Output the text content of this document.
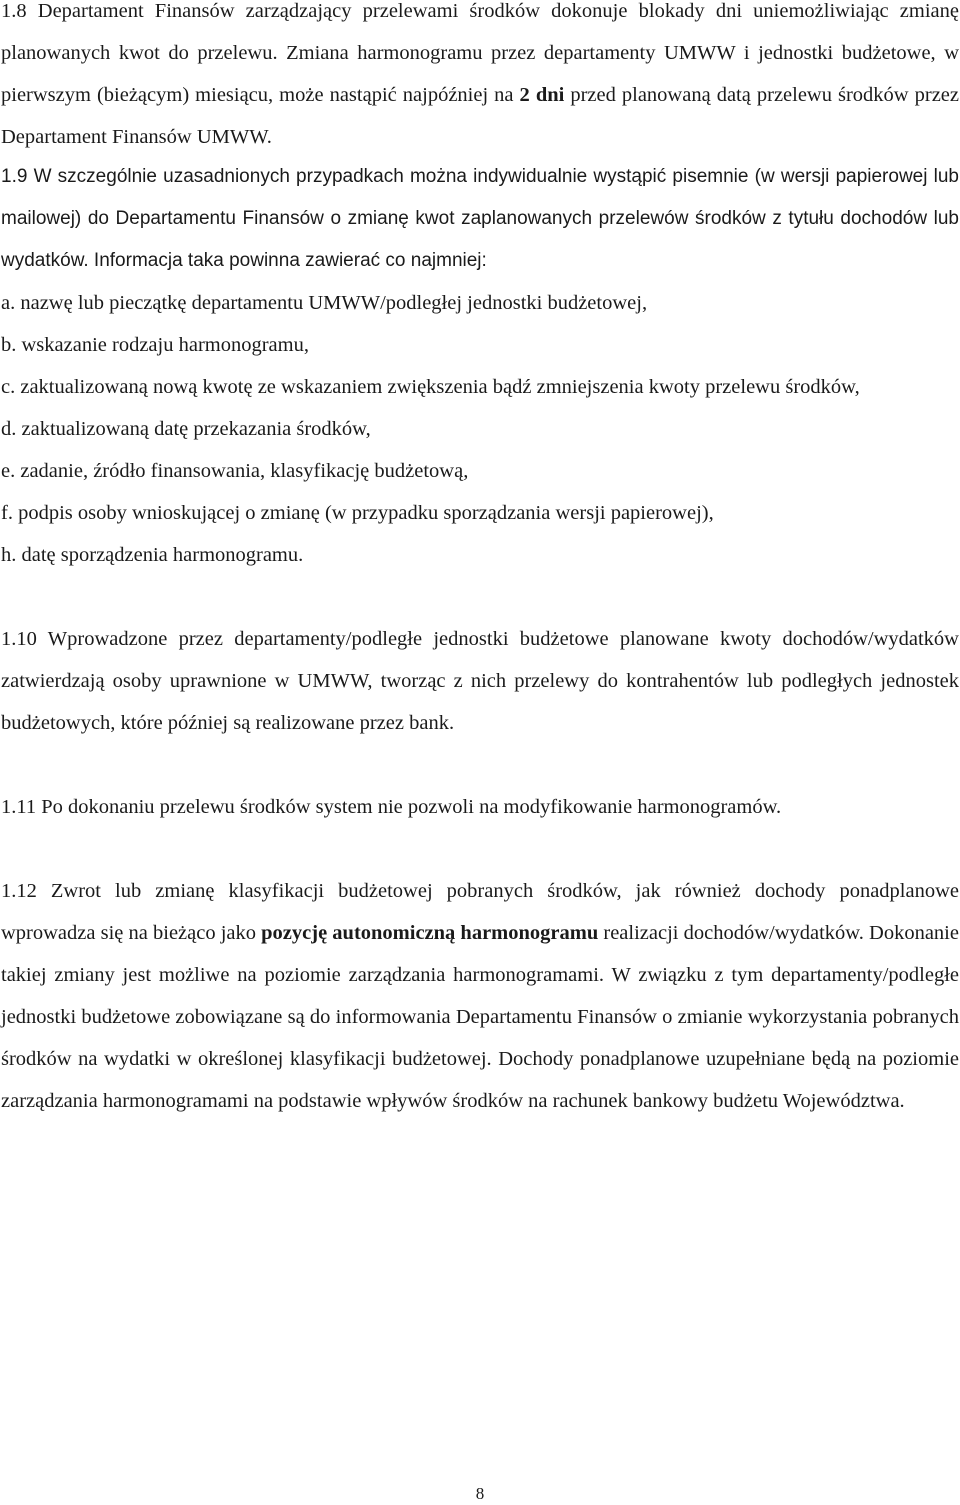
1.8 Departament Finansów zarządzający przelewami środków dokonuje blokady dni uniemożliwiając zmianę planowanych kwot do przelewu. Zmiana harmonogramu przez departamenty UMWW i jednostki budżetowe, w pierwszym (bieżącym) miesiącu, może nastąpić najpóźniej na 2 dni przed planowaną datą przelewu środków przez Departament Finansów UMWW.

1.9 W szczególnie uzasadnionych przypadkach można indywidualnie wystąpić pisemnie (w wersji papierowej lub mailowej) do Departamentu Finansów o zmianę kwot zaplanowanych przelewów środków z tytułu dochodów lub wydatków. Informacja taka powinna zawierać co najmniej:

a. nazwę lub pieczątkę departamentu UMWW/podległej jednostki budżetowej,

b. wskazanie rodzaju harmonogramu,

c. zaktualizowaną nową kwotę ze wskazaniem zwiększenia bądź zmniejszenia kwoty przelewu środków,

d. zaktualizowaną datę przekazania środków,

e. zadanie, źródło finansowania, klasyfikację budżetową,

f. podpis osoby wnioskującej o zmianę (w przypadku sporządzania wersji papierowej),

h. datę sporządzenia harmonogramu.

1.10 Wprowadzone przez departamenty/podległe jednostki budżetowe planowane kwoty dochodów/wydatków zatwierdzają osoby uprawnione w UMWW, tworząc z nich przelewy do kontrahentów lub podległych jednostek budżetowych, które później są realizowane przez bank.

1.11 Po dokonaniu przelewu środków system nie pozwoli na modyfikowanie harmonogramów.

1.12 Zwrot lub zmianę klasyfikacji budżetowej pobranych środków, jak również dochody ponadplanowe wprowadza się na bieżąco jako pozycję autonomiczną harmonogramu realizacji dochodów/wydatków. Dokonanie takiej zmiany jest możliwe na poziomie zarządzania harmonogramami. W związku z tym departamenty/podległe jednostki budżetowe zobowiązane są do informowania Departamentu Finansów o zmianie wykorzystania pobranych środków na wydatki w określonej klasyfikacji budżetowej. Dochody ponadplanowe uzupełniane będą na poziomie zarządzania harmonogramami na podstawie wpływów środków na rachunek bankowy budżetu Województwa.

8
